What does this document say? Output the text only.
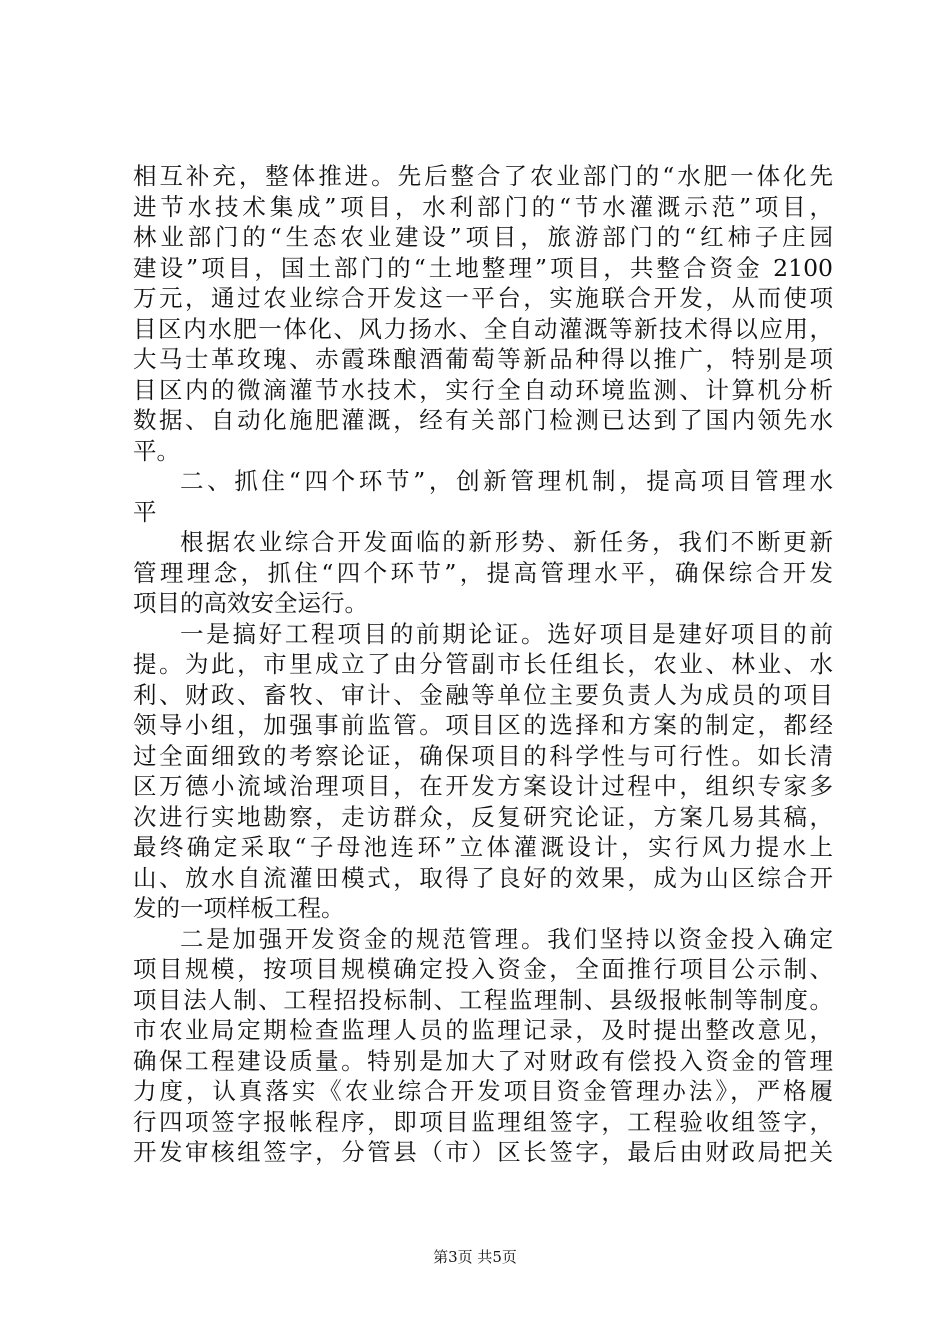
相互补充，整体推进。先后整合了农业部门的“水肥一体化先
进节水技术集成”项目，水利部门的“节水灌溉示范”项目，
林业部门的“生态农业建设”项目，旅游部门的“红柿子庄园
建设”项目，国土部门的“土地整理”项目，共整合资金 2100
万元，通过农业综合开发这一平台，实施联合开发，从而使项
目区内水肥一体化、风力扬水、全自动灌溉等新技术得以应用，
大马士革玫瑰、赤霞珠酿酒葡萄等新品种得以推广，特别是项
目区内的微滴灌节水技术，实行全自动环境监测、计算机分析
数据、自动化施肥灌溉，经有关部门检测已达到了国内领先水
平。
二、抓住“四个环节”，创新管理机制，提高项目管理水
平
根据农业综合开发面临的新形势、新任务，我们不断更新
管理理念，抓住“四个环节”，提高管理水平，确保综合开发
项目的高效安全运行。
一是搞好工程项目的前期论证。选好项目是建好项目的前
提。为此，市里成立了由分管副市长任组长，农业、林业、水
利、财政、畜牧、审计、金融等单位主要负责人为成员的项目
领导小组，加强事前监管。项目区的选择和方案的制定，都经
过全面细致的考察论证，确保项目的科学性与可行性。如长清
区万德小流域治理项目，在开发方案设计过程中，组织专家多
次进行实地勘察，走访群众，反复研究论证，方案几易其稿，
最终确定采取“子母池连环”立体灌溉设计，实行风力提水上
山、放水自流灌田模式，取得了良好的效果，成为山区综合开
发的一项样板工程。
二是加强开发资金的规范管理。我们坚持以资金投入确定
项目规模，按项目规模确定投入资金，全面推行项目公示制、
项目法人制、工程招投标制、工程监理制、县级报帐制等制度。
市农业局定期检查监理人员的监理记录，及时提出整改意见，
确保工程建设质量。特别是加大了对财政有偿投入资金的管理
力度，认真落实《农业综合开发项目资金管理办法》，严格履
行四项签字报帐程序，即项目监理组签字，工程验收组签字，
开发审核组签字，分管县（市）区长签字，最后由财政局把关
第3页 共5页
